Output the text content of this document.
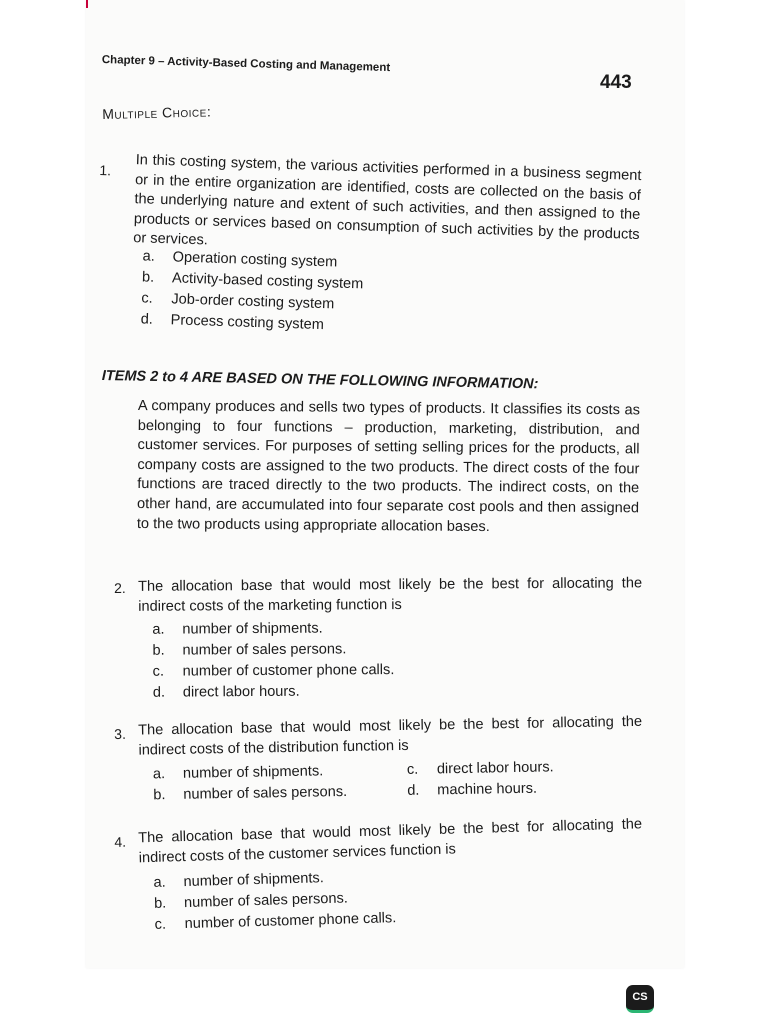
Chapter 9 – Activity-Based Costing and Management
443
Multiple Choice:
1. In this costing system, the various activities performed in a business segment or in the entire organization are identified, costs are collected on the basis of the underlying nature and extent of such activities, and then assigned to the products or services based on consumption of such activities by the products or services.
a. Operation costing system
b. Activity-based costing system
c. Job-order costing system
d. Process costing system
ITEMS 2 to 4 ARE BASED ON THE FOLLOWING INFORMATION:
A company produces and sells two types of products. It classifies its costs as belonging to four functions – production, marketing, distribution, and customer services. For purposes of setting selling prices for the products, all company costs are assigned to the two products. The direct costs of the four functions are traced directly to the two products. The indirect costs, on the other hand, are accumulated into four separate cost pools and then assigned to the two products using appropriate allocation bases.
2. The allocation base that would most likely be the best for allocating the indirect costs of the marketing function is
a. number of shipments.
b. number of sales persons.
c. number of customer phone calls.
d. direct labor hours.
3. The allocation base that would most likely be the best for allocating the indirect costs of the distribution function is
a. number of shipments.
b. number of sales persons.
c. direct labor hours.
d. machine hours.
4. The allocation base that would most likely be the best for allocating the indirect costs of the customer services function is
a. number of shipments.
b. number of sales persons.
c. number of customer phone calls.
CS
